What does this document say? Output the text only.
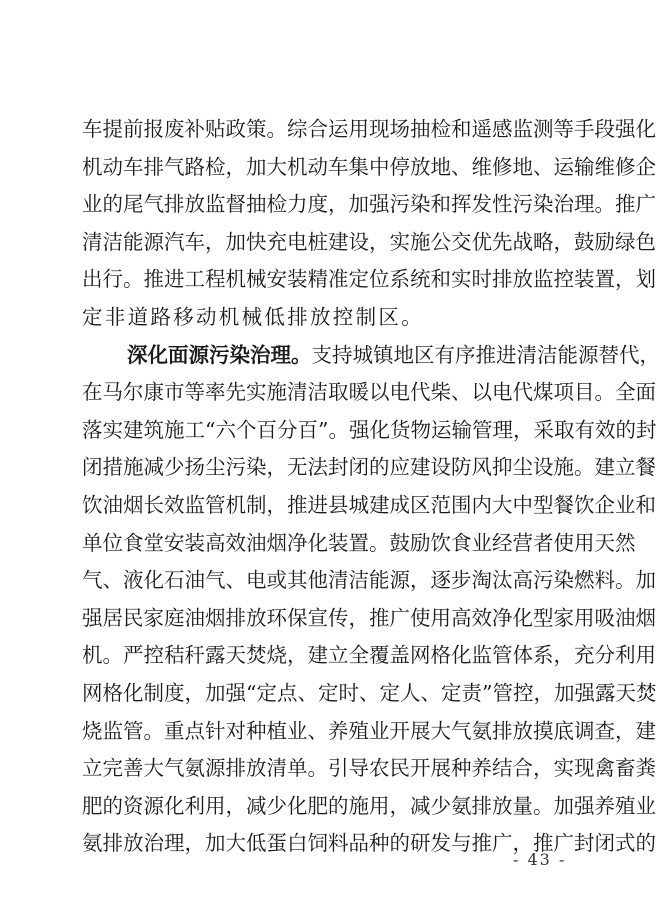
车提前报废补贴政策。综合运用现场抽检和遥感监测等手段强化
机动车排气路检，加大机动车集中停放地、维修地、运输维修企
业的尾气排放监督抽检力度，加强污染和挥发性污染治理。推广
清洁能源汽车，加快充电桩建设，实施公交优先战略，鼓励绿色
出行。推进工程机械安装精准定位系统和实时排放监控装置，划
定非道路移动机械低排放控制区。
深化面源污染治理。支持城镇地区有序推进清洁能源替代，
在马尔康市等率先实施清洁取暖以电代柴、以电代煤项目。全面
落实建筑施工“六个百分百”。强化货物运输管理，采取有效的封
闭措施减少扬尘污染，无法封闭的应建设防风抑尘设施。建立餐
饮油烟长效监管机制，推进县城建成区范围内大中型餐饮企业和
单位食堂安装高效油烟净化装置。鼓励饮食业经营者使用天然
气、液化石油气、电或其他清洁能源，逐步淘汰高污染燃料。加
强居民家庭油烟排放环保宣传，推广使用高效净化型家用吸油烟
机。严控秸秆露天焚烧，建立全覆盖网格化监管体系，充分利用
网格化制度，加强“定点、定时、定人、定责”管控，加强露天焚
烧监管。重点针对种植业、养殖业开展大气氨排放摸底调查，建
立完善大气氨源排放清单。引导农民开展种养结合，实现禽畜粪
肥的资源化利用，减少化肥的施用，减少氨排放量。加强养殖业
氨排放治理，加大低蛋白饲料品种的研发与推广，推广封闭式的
- 43 -
